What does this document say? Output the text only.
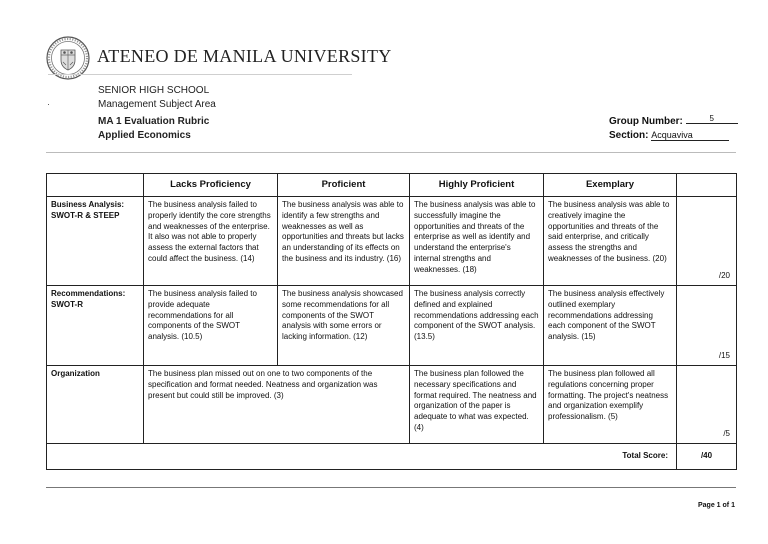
ATENEO DE MANILA UNIVERSITY
SENIOR HIGH SCHOOL
·	Management Subject Area
MA 1 Evaluation Rubric
Applied Economics
Group Number:	5
Section: Acquaviva
	Lacks Proficiency	Proficient	Highly Proficient	Exemplary	
Business Analysis: SWOT-R & STEEP	The business analysis failed to properly identify the core strengths and weaknesses of the enterprise. It also was not able to properly assess the external factors that could affect the business. (14)	The business analysis was able to identify a few strengths and weaknesses as well as opportunities and threats but lacks an understanding of its effects on the business and its industry. (16)	The business analysis was able to successfully imagine the opportunities and threats of the enterprise as well as identify and understand the enterprise's internal strengths and weaknesses. (18)	The business analysis was able to creatively imagine the opportunities and threats of the said enterprise, and critically assess the strengths and weaknesses of the business. (20)	/20
Recommendations: SWOT-R	The business analysis failed to provide adequate recommendations for all components of the SWOT analysis. (10.5)	The business analysis showcased some recommendations for all components of the SWOT analysis with some errors or lacking information. (12)	The business analysis correctly defined and explained recommendations addressing each component of the SWOT analysis. (13.5)	The business analysis effectively outlined exemplary recommendations addressing each component of the SWOT analysis. (15)	/15
Organization	The business plan missed out on one to two components of the specification and format needed. Neatness and organization was present but could still be improved. (3)		The business plan followed the necessary specifications and format required. The neatness and organization of the paper is adequate to what was expected. (4)	The business plan followed all regulations concerning proper formatting. The project's neatness and organization exemplify professionalism. (5)	/5
Total Score:					/40
Page 1 of 1
